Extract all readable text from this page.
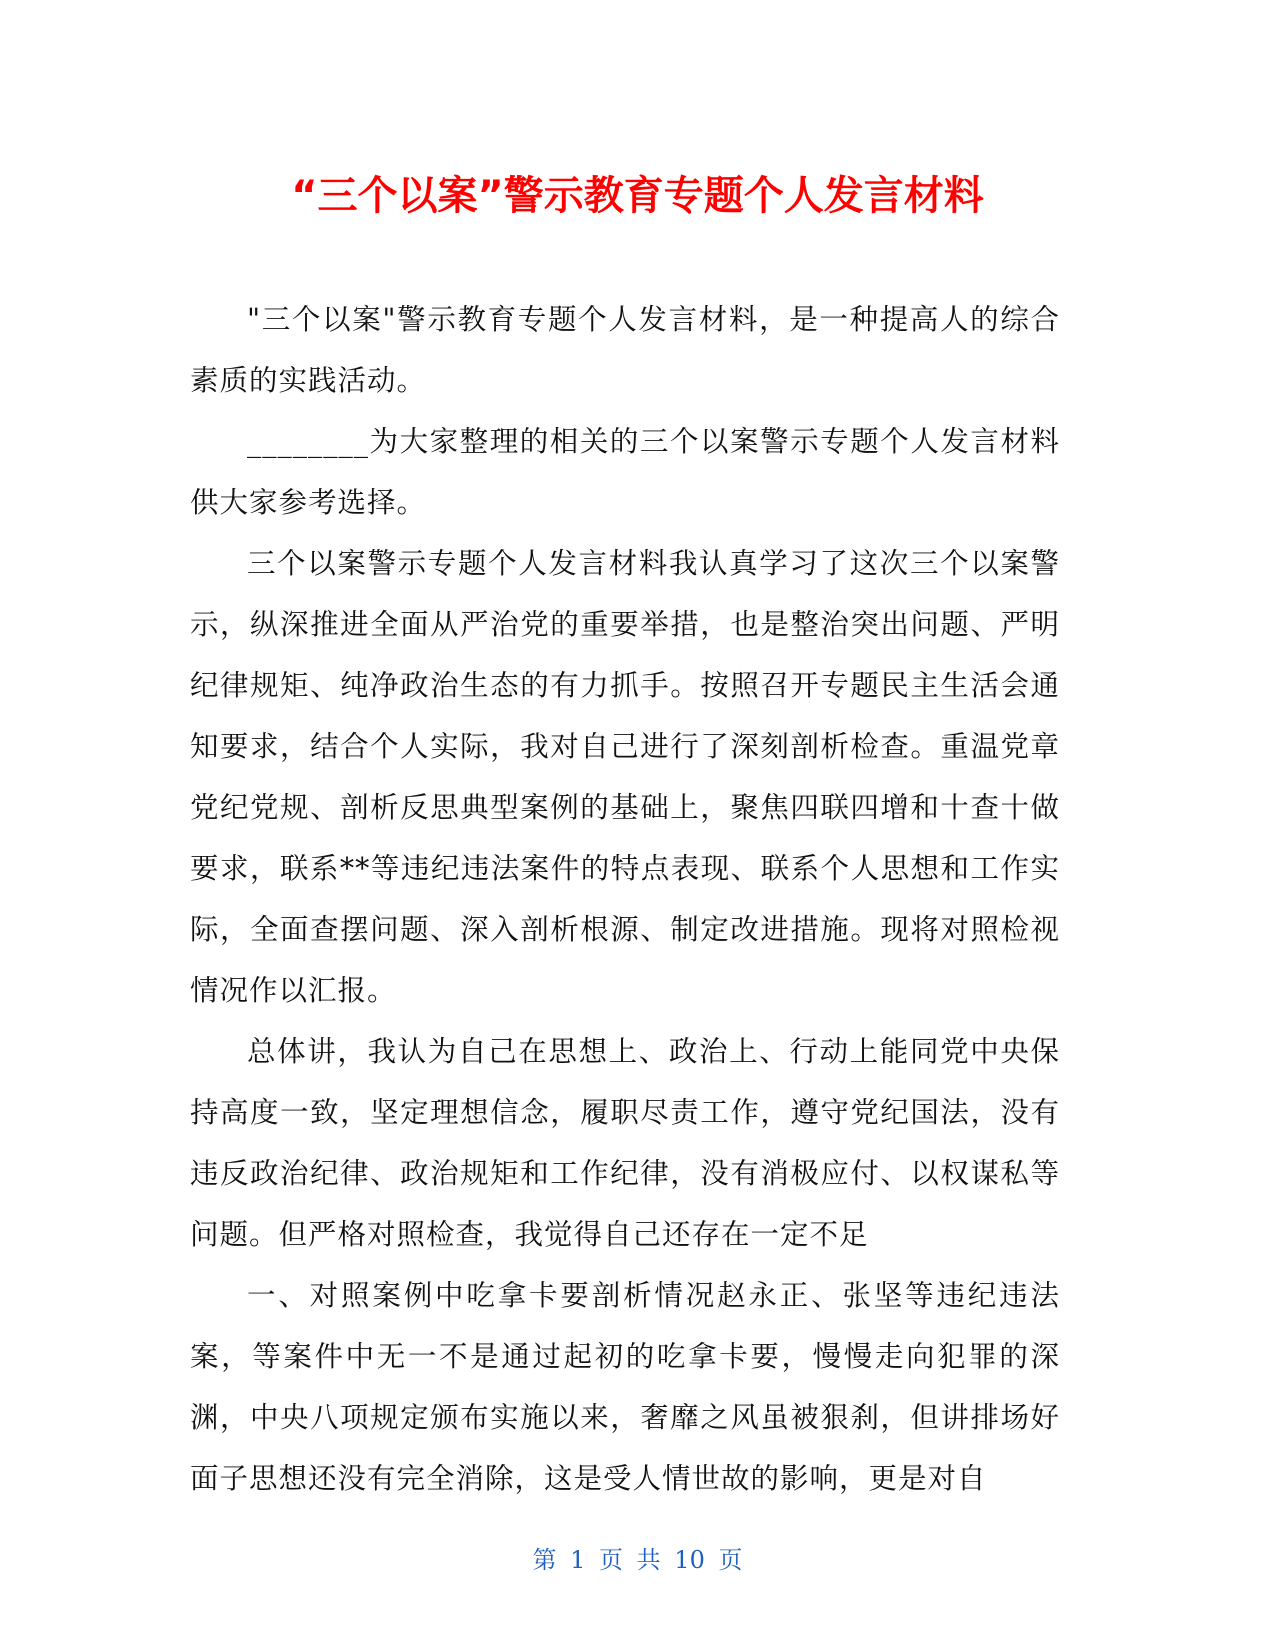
“三个以案”警示教育专题个人发言材料

"三个以案"警示教育专题个人发言材料，是一种提高人的综合素质的实践活动。

________为大家整理的相关的三个以案警示专题个人发言材料供大家参考选择。

三个以案警示专题个人发言材料我认真学习了这次三个以案警示，纵深推进全面从严治党的重要举措，也是整治突出问题、严明纪律规矩、纯净政治生态的有力抓手。按照召开专题民主生活会通知要求，结合个人实际，我对自己进行了深刻剖析检查。重温党章党纪党规、剖析反思典型案例的基础上，聚焦四联四增和十查十做要求，联系**等违纪违法案件的特点表现、联系个人思想和工作实际，全面查摆问题、深入剖析根源、制定改进措施。现将对照检视情况作以汇报。

总体讲，我认为自己在思想上、政治上、行动上能同党中央保持高度一致，坚定理想信念，履职尽责工作，遵守党纪国法，没有违反政治纪律、政治规矩和工作纪律，没有消极应付、以权谋私等问题。但严格对照检查，我觉得自己还存在一定不足

一、对照案例中吃拿卡要剖析情况赵永正、张坚等违纪违法案，等案件中无一不是通过起初的吃拿卡要，慢慢走向犯罪的深渊，中央八项规定颁布实施以来，奢靡之风虽被狠刹，但讲排场好面子思想还没有完全消除，这是受人情世故的影响，更是对自

第 1 页 共 10 页
